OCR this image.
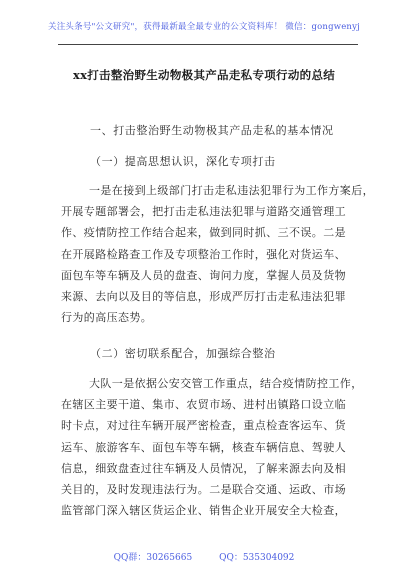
关注头条号"公文研究"，获得最新最全最专业的公文资料库！ 微信：gongwenyj
xx打击整治野生动物极其产品走私专项行动的总结
一、打击整治野生动物极其产品走私的基本情况
（一）提高思想认识，深化专项打击
一是在接到上级部门打击走私违法犯罪行为工作方案后，
开展专题部署会，把打击走私违法犯罪与道路交通管理工
作、疫情防控工作结合起来，做到同时抓、三不误。二是
在开展路检路查工作及专项整治工作时，强化对货运车、
面包车等车辆及人员的盘查、询问力度，掌握人员及货物
来源、去向以及目的等信息，形成严厉打击走私违法犯罪
行为的高压态势。
（二）密切联系配合，加强综合整治
大队一是依据公安交管工作重点，结合疫情防控工作，
在辖区主要干道、集市、农贸市场、进村出镇路口设立临
时卡点，对过往车辆开展严密检查，重点检查客运车、货
运车、旅游客车、面包车等车辆，核查车辆信息、驾驶人
信息，细致盘查过往车辆及人员情况，了解来源去向及相
关目的，及时发现违法行为。二是联合交通、运政、市场
监管部门深入辖区货运企业、销售企业开展安全大检查，
QQ群：30265665	QQ：535304092
